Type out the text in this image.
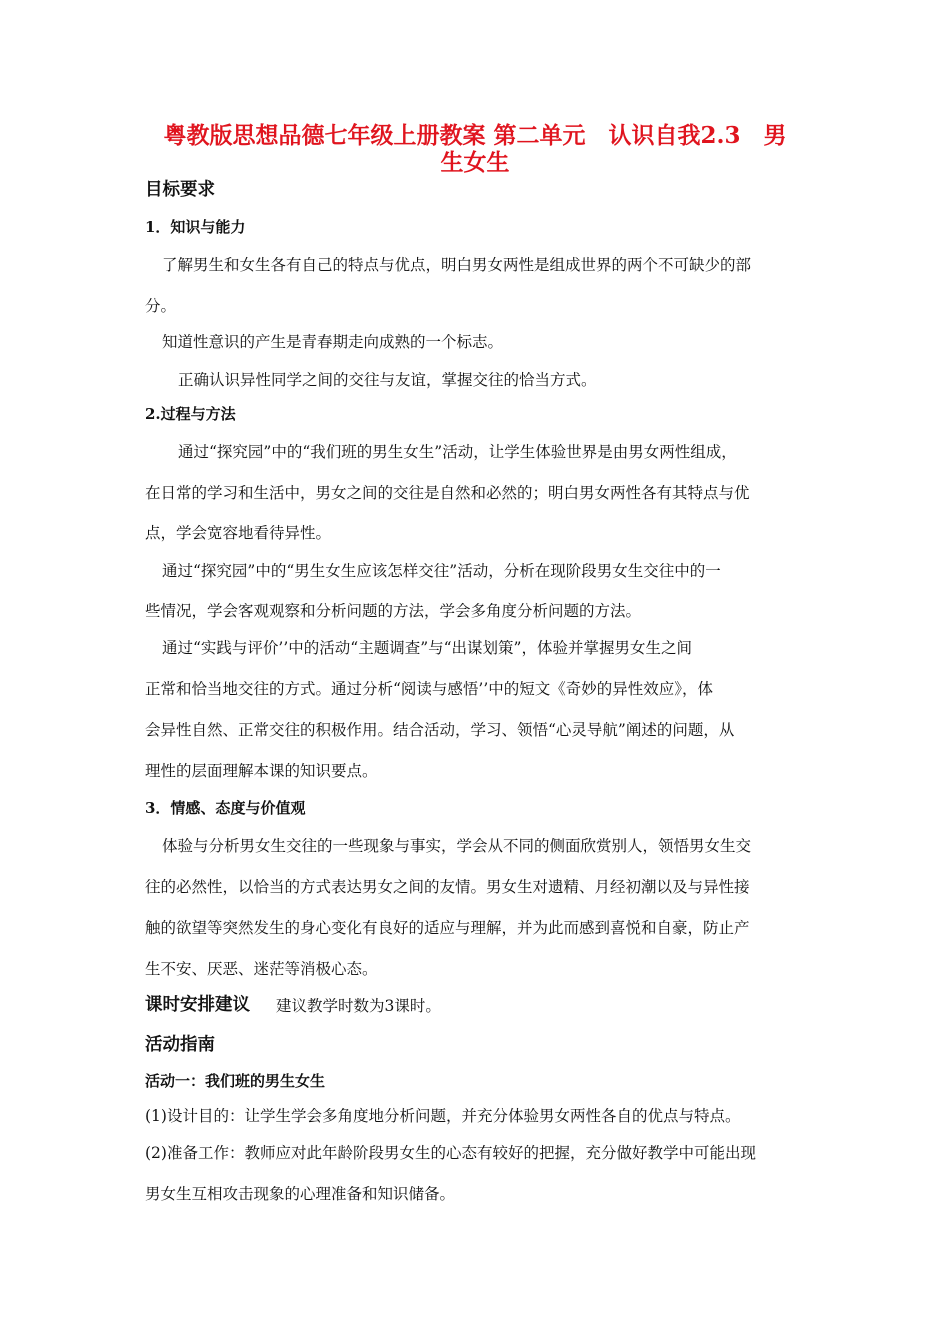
粤教版思想品德七年级上册教案 第二单元　认识自我2.3　男
生女生
目标要求
1．知识与能力
了解男生和女生各有自己的特点与优点，明白男女两性是组成世界的两个不可缺少的部
分。
知道性意识的产生是青春期走向成熟的一个标志。
正确认识异性同学之间的交往与友谊，掌握交往的恰当方式。
2.过程与方法
通过“探究园”中的“我们班的男生女生”活动，让学生体验世界是由男女两性组成，
在日常的学习和生活中，男女之间的交往是自然和必然的；明白男女两性各有其特点与优
点，学会宽容地看待异性。
通过“探究园”中的“男生女生应该怎样交往”活动，分析在现阶段男女生交往中的一
些情况，学会客观观察和分析问题的方法，学会多角度分析问题的方法。
通过“实践与评价’’中的活动“主题调查”与“出谋划策”，体验并掌握男女生之间
正常和恰当地交往的方式。通过分析“阅读与感悟’’中的短文《奇妙的异性效应》，体
会异性自然、正常交往的积极作用。结合活动，学习、领悟“心灵导航”阐述的问题，从
理性的层面理解本课的知识要点。
3．情感、态度与价值观
体验与分析男女生交往的一些现象与事实，学会从不同的侧面欣赏别人，领悟男女生交
往的必然性，以恰当的方式表达男女之间的友情。男女生对遗精、月经初潮以及与异性接
触的欲望等突然发生的身心变化有良好的适应与理解，并为此而感到喜悦和自豪，防止产
生不安、厌恶、迷茫等消极心态。
课时安排建议 建议教学时数为3课时。
活动指南
活动一：我们班的男生女生
(1)设计目的：让学生学会多角度地分析问题，并充分体验男女两性各自的优点与特点。
(2)准备工作：教师应对此年龄阶段男女生的心态有较好的把握，充分做好教学中可能出现
男女生互相攻击现象的心理准备和知识储备。
